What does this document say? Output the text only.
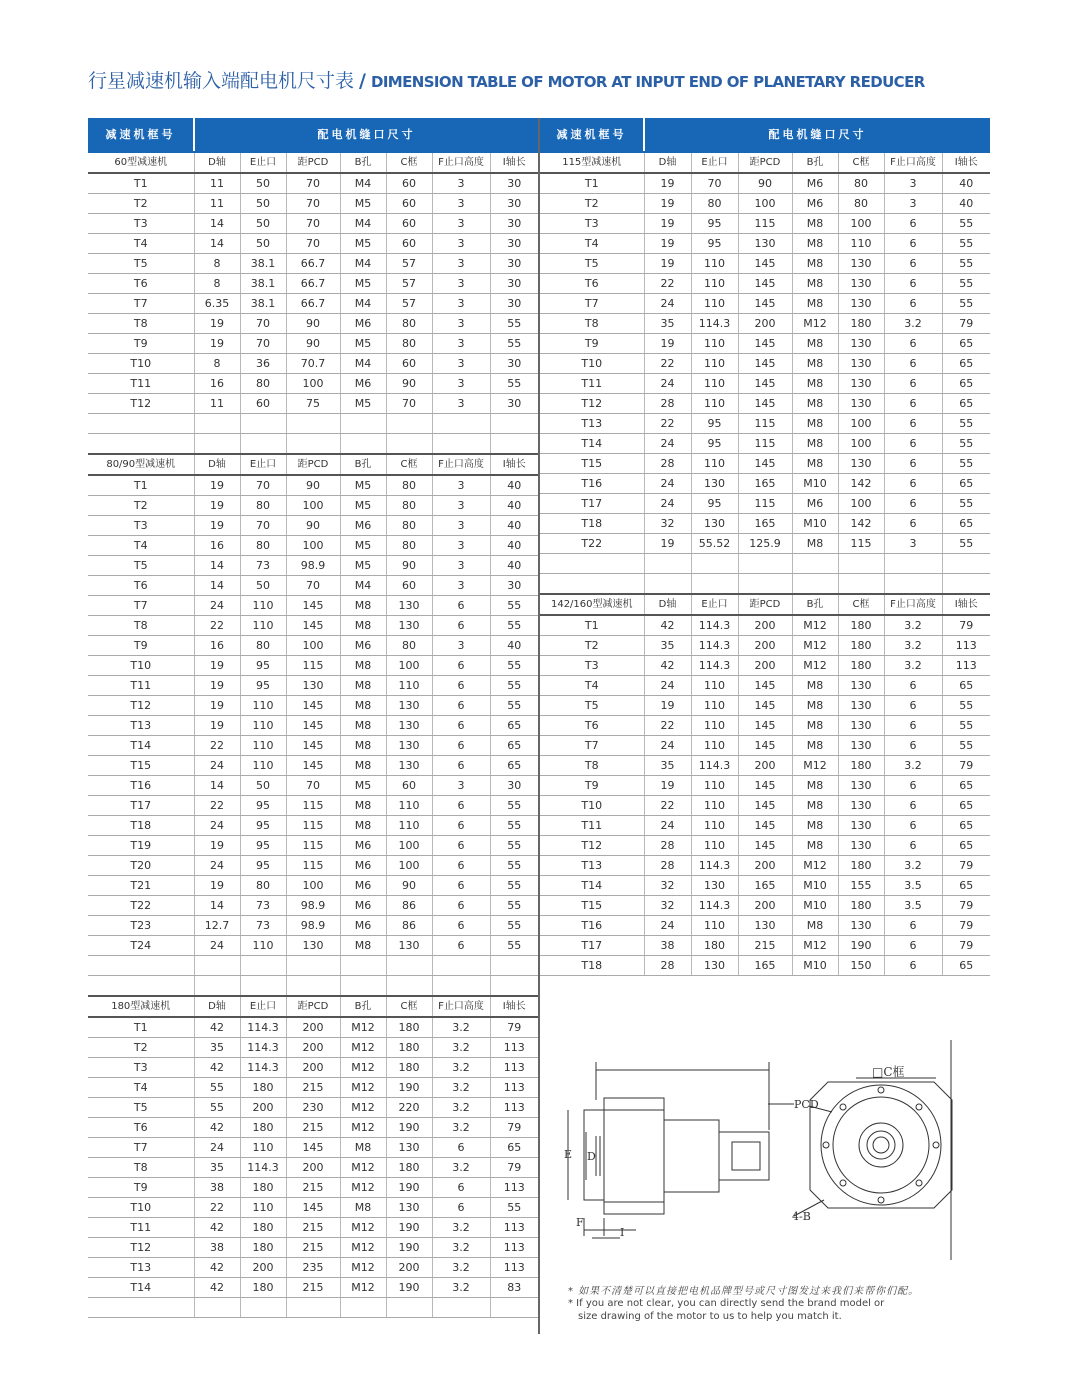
行星减速机输入端配电机尺寸表 / DIMENSION TABLE OF MOTOR AT INPUT END OF PLANETARY REDUCER
减速机框号	配电机缝口尺寸						
60型减速机	D轴	E止口	距PCD	B孔	C框	F止口高度	I轴长
T1	11	50	70	M4	60	3	30
T2	11	50	70	M5	60	3	30
T3	14	50	70	M4	60	3	30
T4	14	50	70	M5	60	3	30
T5	8	38.1	66.7	M4	57	3	30
T6	8	38.1	66.7	M5	57	3	30
T7	6.35	38.1	66.7	M4	57	3	30
T8	19	70	90	M6	80	3	55
T9	19	70	90	M5	80	3	55
T10	8	36	70.7	M4	60	3	30
T11	16	80	100	M6	90	3	55
T12	11	60	75	M5	70	3	30

80/90型减速机	D轴	E止口	距PCD	B孔	C框	F止口高度	I轴长
T1	19	70	90	M5	80	3	40
T2	19	80	100	M5	80	3	40
T3	19	70	90	M6	80	3	40
T4	16	80	100	M5	80	3	40
T5	14	73	98.9	M5	90	3	40
T6	14	50	70	M4	60	3	30
T7	24	110	145	M8	130	6	55
T8	22	110	145	M8	130	6	55
T9	16	80	100	M6	80	3	40
T10	19	95	115	M8	100	6	55
T11	19	95	130	M8	110	6	55
T12	19	110	145	M8	130	6	55
T13	19	110	145	M8	130	6	65
T14	22	110	145	M8	130	6	65
T15	24	110	145	M8	130	6	65
T16	14	50	70	M5	60	3	30
T17	22	95	115	M8	110	6	55
T18	24	95	115	M8	110	6	55
T19	19	95	115	M6	100	6	55
T20	24	95	115	M6	100	6	55
T21	19	80	100	M6	90	6	55
T22	14	73	98.9	M6	86	6	55
T23	12.7	73	98.9	M6	86	6	55
T24	24	110	130	M8	130	6	55

180型减速机	D轴	E止口	距PCD	B孔	C框	F止口高度	I轴长
T1	42	114.3	200	M12	180	3.2	79
T2	35	114.3	200	M12	180	3.2	113
T3	42	114.3	200	M12	180	3.2	113
T4	55	180	215	M12	190	3.2	113
T5	55	200	230	M12	220	3.2	113
T6	42	180	215	M12	190	3.2	79
T7	24	110	145	M8	130	6	65
T8	35	114.3	200	M12	180	3.2	79
T9	38	180	215	M12	190	6	113
T10	22	110	145	M8	130	6	55
T11	42	180	215	M12	190	3.2	113
T12	38	180	215	M12	190	3.2	113
T13	42	200	235	M12	200	3.2	113
T14	42	180	215	M12	190	3.2	83

减速机框号	配电机缝口尺寸						
115型减速机	D轴	E止口	距PCD	B孔	C框	F止口高度	I轴长
T1	19	70	90	M6	80	3	40
T2	19	80	100	M6	80	3	40
T3	19	95	115	M8	100	6	55
T4	19	95	130	M8	110	6	55
T5	19	110	145	M8	130	6	55
T6	22	110	145	M8	130	6	55
T7	24	110	145	M8	130	6	55
T8	35	114.3	200	M12	180	3.2	79
T9	19	110	145	M8	130	6	65
T10	22	110	145	M8	130	6	65
T11	24	110	145	M8	130	6	65
T12	28	110	145	M8	130	6	65
T13	22	95	115	M8	100	6	55
T14	24	95	115	M8	100	6	55
T15	28	110	145	M8	130	6	55
T16	24	130	165	M10	142	6	65
T17	24	95	115	M6	100	6	55
T18	32	130	165	M10	142	6	65
T22	19	55.52	125.9	M8	115	3	55

142/160型减速机	D轴	E止口	距PCD	B孔	C框	F止口高度	I轴长
T1	42	114.3	200	M12	180	3.2	79
T2	35	114.3	200	M12	180	3.2	113
T3	42	114.3	200	M12	180	3.2	113
T4	24	110	145	M8	130	6	65
T5	19	110	145	M8	130	6	55
T6	22	110	145	M8	130	6	55
T7	24	110	145	M8	130	6	55
T8	35	114.3	200	M12	180	3.2	79
T9	19	110	145	M8	130	6	65
T10	22	110	145	M8	130	6	65
T11	24	110	145	M8	130	6	65
T12	28	110	145	M8	130	6	65
T13	28	114.3	200	M12	180	3.2	79
T14	32	130	165	M10	155	3.5	65
T15	32	114.3	200	M10	180	3.5	79
T16	24	110	130	M8	130	6	79
T17	38	180	215	M12	190	6	79
T18	28	130	165	M10	150	6	65
□C框
PCD
4-B
E D
F
I
* 如果不清楚可以直接把电机品牌型号或尺寸图发过来我们来帮你们配。
* If you are not clear, you can directly send the brand model or
size drawing of the motor to us to help you match it.
